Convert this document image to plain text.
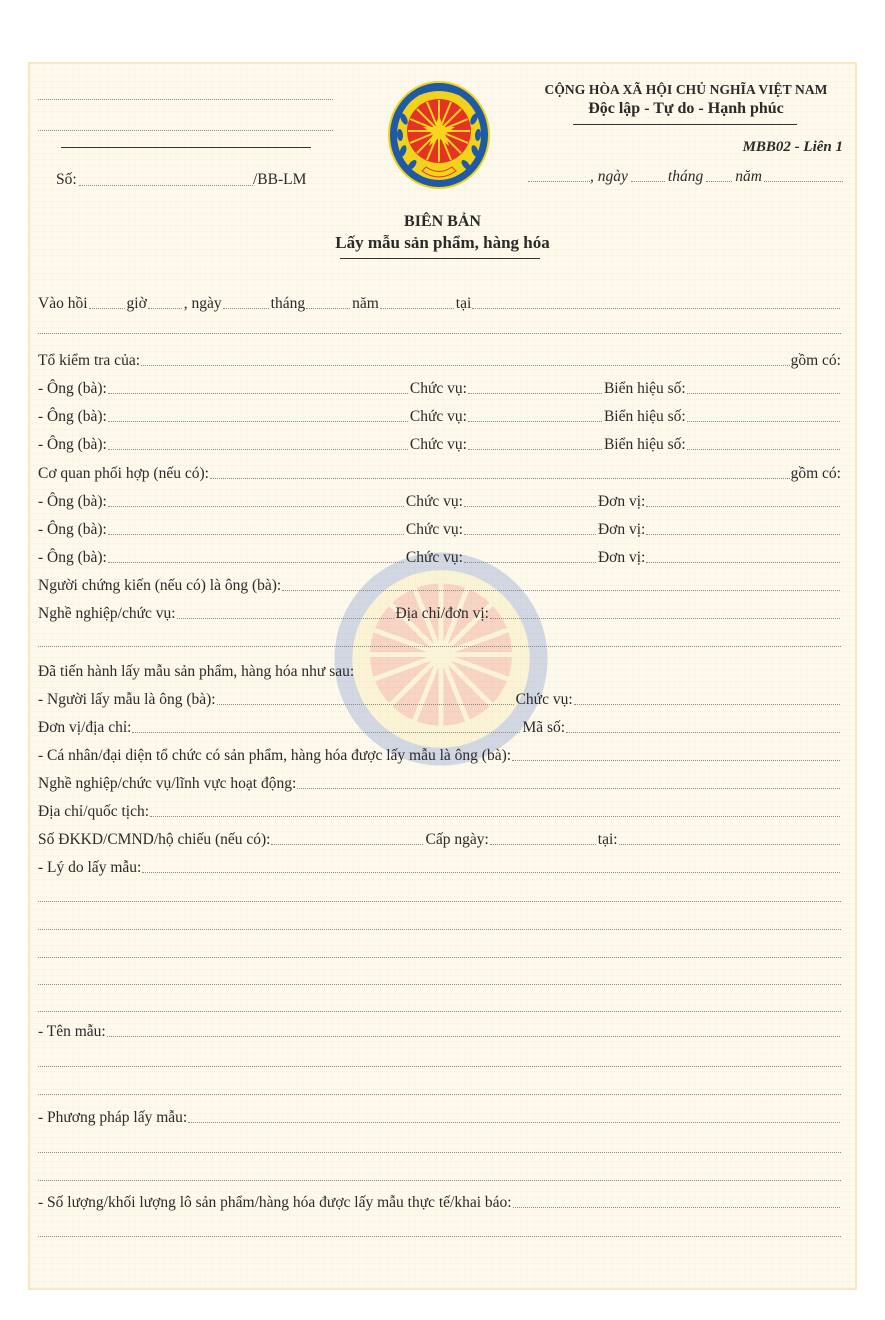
Số:	/BB-LM
CỘNG HÒA XÃ HỘI CHỦ NGHĨA VIỆT NAM
Độc lập - Tự do - Hạnh phúc
MBB02 - Liên 1
, ngày	tháng năm
BIÊN BẢN
Lấy mẫu sản phẩm, hàng hóa
Vào hồi	giờ , ngày	tháng	năm	tại
Tổ kiểm tra của:	gồm có:
- Ông (bà):	Chức vụ:	Biển hiệu số:
- Ông (bà):	Chức vụ:	Biển hiệu số:
- Ông (bà):	Chức vụ:	Biển hiệu số:
Cơ quan phối hợp (nếu có):	gồm có:
- Ông (bà):	Chức vụ:	Đơn vị:
- Ông (bà):	Chức vụ:	Đơn vị:
- Ông (bà):	Chức vụ:	Đơn vị:
Người chứng kiến (nếu có) là ông (bà):
Nghề nghiệp/chức vụ:	Địa chỉ/đơn vị:
Đã tiến hành lấy mẫu sản phẩm, hàng hóa như sau:
- Người lấy mẫu là ông (bà):	Chức vụ:
Đơn vị/địa chỉ:	Mã số:
- Cá nhân/đại diện tổ chức có sản phẩm, hàng hóa được lấy mẫu là ông (bà):
Nghề nghiệp/chức vụ/lĩnh vực hoạt động:
Địa chỉ/quốc tịch:
Số ĐKKD/CMND/hộ chiếu (nếu có):	Cấp ngày:	tại:
- Lý do lấy mẫu:
- Tên mẫu:
- Phương pháp lấy mẫu:
- Số lượng/khối lượng lô sản phẩm/hàng hóa được lấy mẫu thực tế/khai báo:
